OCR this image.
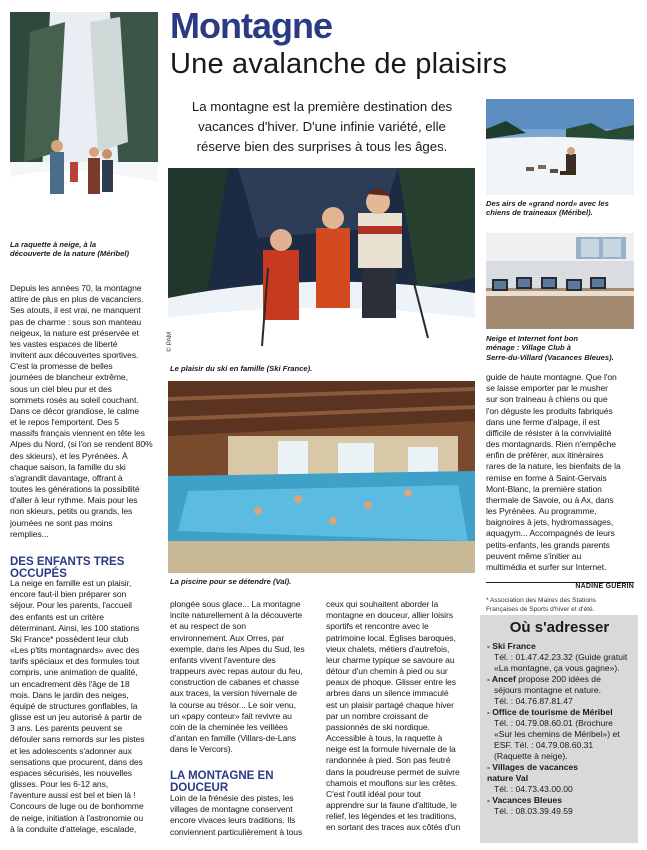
La raquette à neige, à la
découverte de la nature (Méribel)
Montagne
Une avalanche de plaisirs
La montagne est la première destination des
vacances d'hiver. D'une infinie variété, elle
réserve bien des surprises à tous les âges.
© PAM
Le plaisir du ski en famille (Ski France).
Des airs de «grand nord» avec les
chiens de traineaux (Méribel).
Neige et Internet font bon
ménage : Village Club à
Serre-du-Villard (Vacances Bleues).
La piscine pour se détendre (Val).

Depuis les années 70, la montagne

attire de plus en plus de vacanciers.

Ses atouts, il est vrai, ne manquent

pas de charme : sous son manteau

neigeux, la nature est préservée et

les vastes espaces de liberté

invitent aux découvertes sportives.

C'est la promesse de belles

journées de blancheur extrême,

sous un ciel bleu pur et des

sommets rosés au soleil couchant.

Dans ce décor grandiose, le calme

et le repos l'emportent. Des 5

massifs français viennent en tête les

Alpes du Nord, (si l'on se rendent 80%

des skieurs), et les Pyrénées. À

chaque saison, la famille du ski

s'agrandit davantage, offrant à

toutes les générations la possibilité

d'aller à leur rythme. Mais pour les

non skieurs, petits ou grands, les

journées ne sont pas moins

remplies...

DES ENFANTS TRES OCCUPÉS

La neige en famille est un plaisir,

encore faut-il bien préparer son

séjour. Pour les parents, l'accueil

des enfants est un critère

déterminant. Ainsi, les 100 stations

Ski France* possèdent leur club

«Les p'tits montagnards» avec des

tarifs spéciaux et des formules tout

compris, une animation de qualité,

un encadrement dès l'âge de 18

mois. Dans le jardin des neiges,

équipé de structures gonflables, la

glisse est un jeu autorisé à partir de

3 ans. Les parents peuvent se

défouler sans remords sur les pistes

et les adolescents s'adonner aux

sensations que procurent, dans des

espaces sécurisés, les nouvelles

glisses. Pour les 6-12 ans,

l'aventure aussi est bel et bien là !

Concours de luge ou de bonhomme

de neige, initiation à l'astronomie ou

à la conduite d'attelage, escalade,

plongée sous glace... La montagne

incite naturellement à la découverte

et au respect de son

environnement. Aux Orres, par

exemple, dans les Alpes du Sud, les

enfants vivent l'aventure des

trappeurs avec repas autour du feu,

construction de cabanes et chasse

aux traces, la version hivernale de

la course au trésor... Le soir venu,

un «papy conteur» fait revivre au

coin de la cheminée les veillées

d'antan en famille (Villars-de-Lans

dans le Vercors).

LA MONTAGNE EN DOUCEUR

Loin de la frénésie des pistes, les

villages de montagne conservent

encore vivaces leurs traditions. Ils

conviennent particulièrement à tous

ceux qui souhaitent aborder la

montagne en douceur, allier loisirs

sportifs et rencontre avec le

patrimoine local. Églises baroques,

vieux chalets, métiers d'autrefois,

leur charme typique se savoure au

détour d'un chemin à pied ou sur

peaux de phoque. Glisser entre les

arbres dans un silence immaculé

est un plaisir partagé chaque hiver

par un nombre croissant de

passionnés de ski nordique.

Accessible à tous, la raquette à

neige est la formule hivernale de la

randonnée à pied. Son pas feutré

dans la poudreuse permet de suivre

chamois et mouflons sur les crêtes.

C'est l'outil idéal pour tout

apprendre sur la faune d'altitude, le

relief, les légendes et les traditions,

en sortant des traces aux côtés d'un

guide de haute montagne. Que l'on

se laisse emporter par le musher

sur son traineau à chiens ou que

l'on déguste les produits fabriqués

dans une ferme d'alpage, il est

difficile de résister à la convivialité

des montagnards. Rien n'empêche

enfin de préférer, aux itinéraires

rares de la nature, les bienfaits de la

remise en forme à Saint-Gervais

Mont-Blanc, la première station

thermale de Savoie, ou à Ax, dans

les Pyrénées. Au programme,

baignoires à jets, hydromassages,

aquagym... Accompagnés de leurs

petits-enfants, les grands parents

peuvent même s'initier au

multimédia et surfer sur Internet.

NADINE GUÉRIN
* Association des Maires des Stations
Françaises de Sports d'hiver et d'été.
Où s'adresser
- Ski France
Tél. : 01.47.42.23.32 (Guide gratuit
«La montagne, ça vous gagne»).
- Ancef propose 200 idées de
séjours montagne et nature.
Tél. : 04.76.87.81.47
- Office de tourisme de Méribel
Tél. : 04.79.08.60.01 (Brochure
«Sur les chemins de Méribel») et
ESF. Tél. : 04.79.08.60.31
(Raquette à neige).
- Villages de vacances
nature Val
Tél. : 04.73.43.00.00
- Vacances Bleues
Tél. : 08.03.39.49.59
